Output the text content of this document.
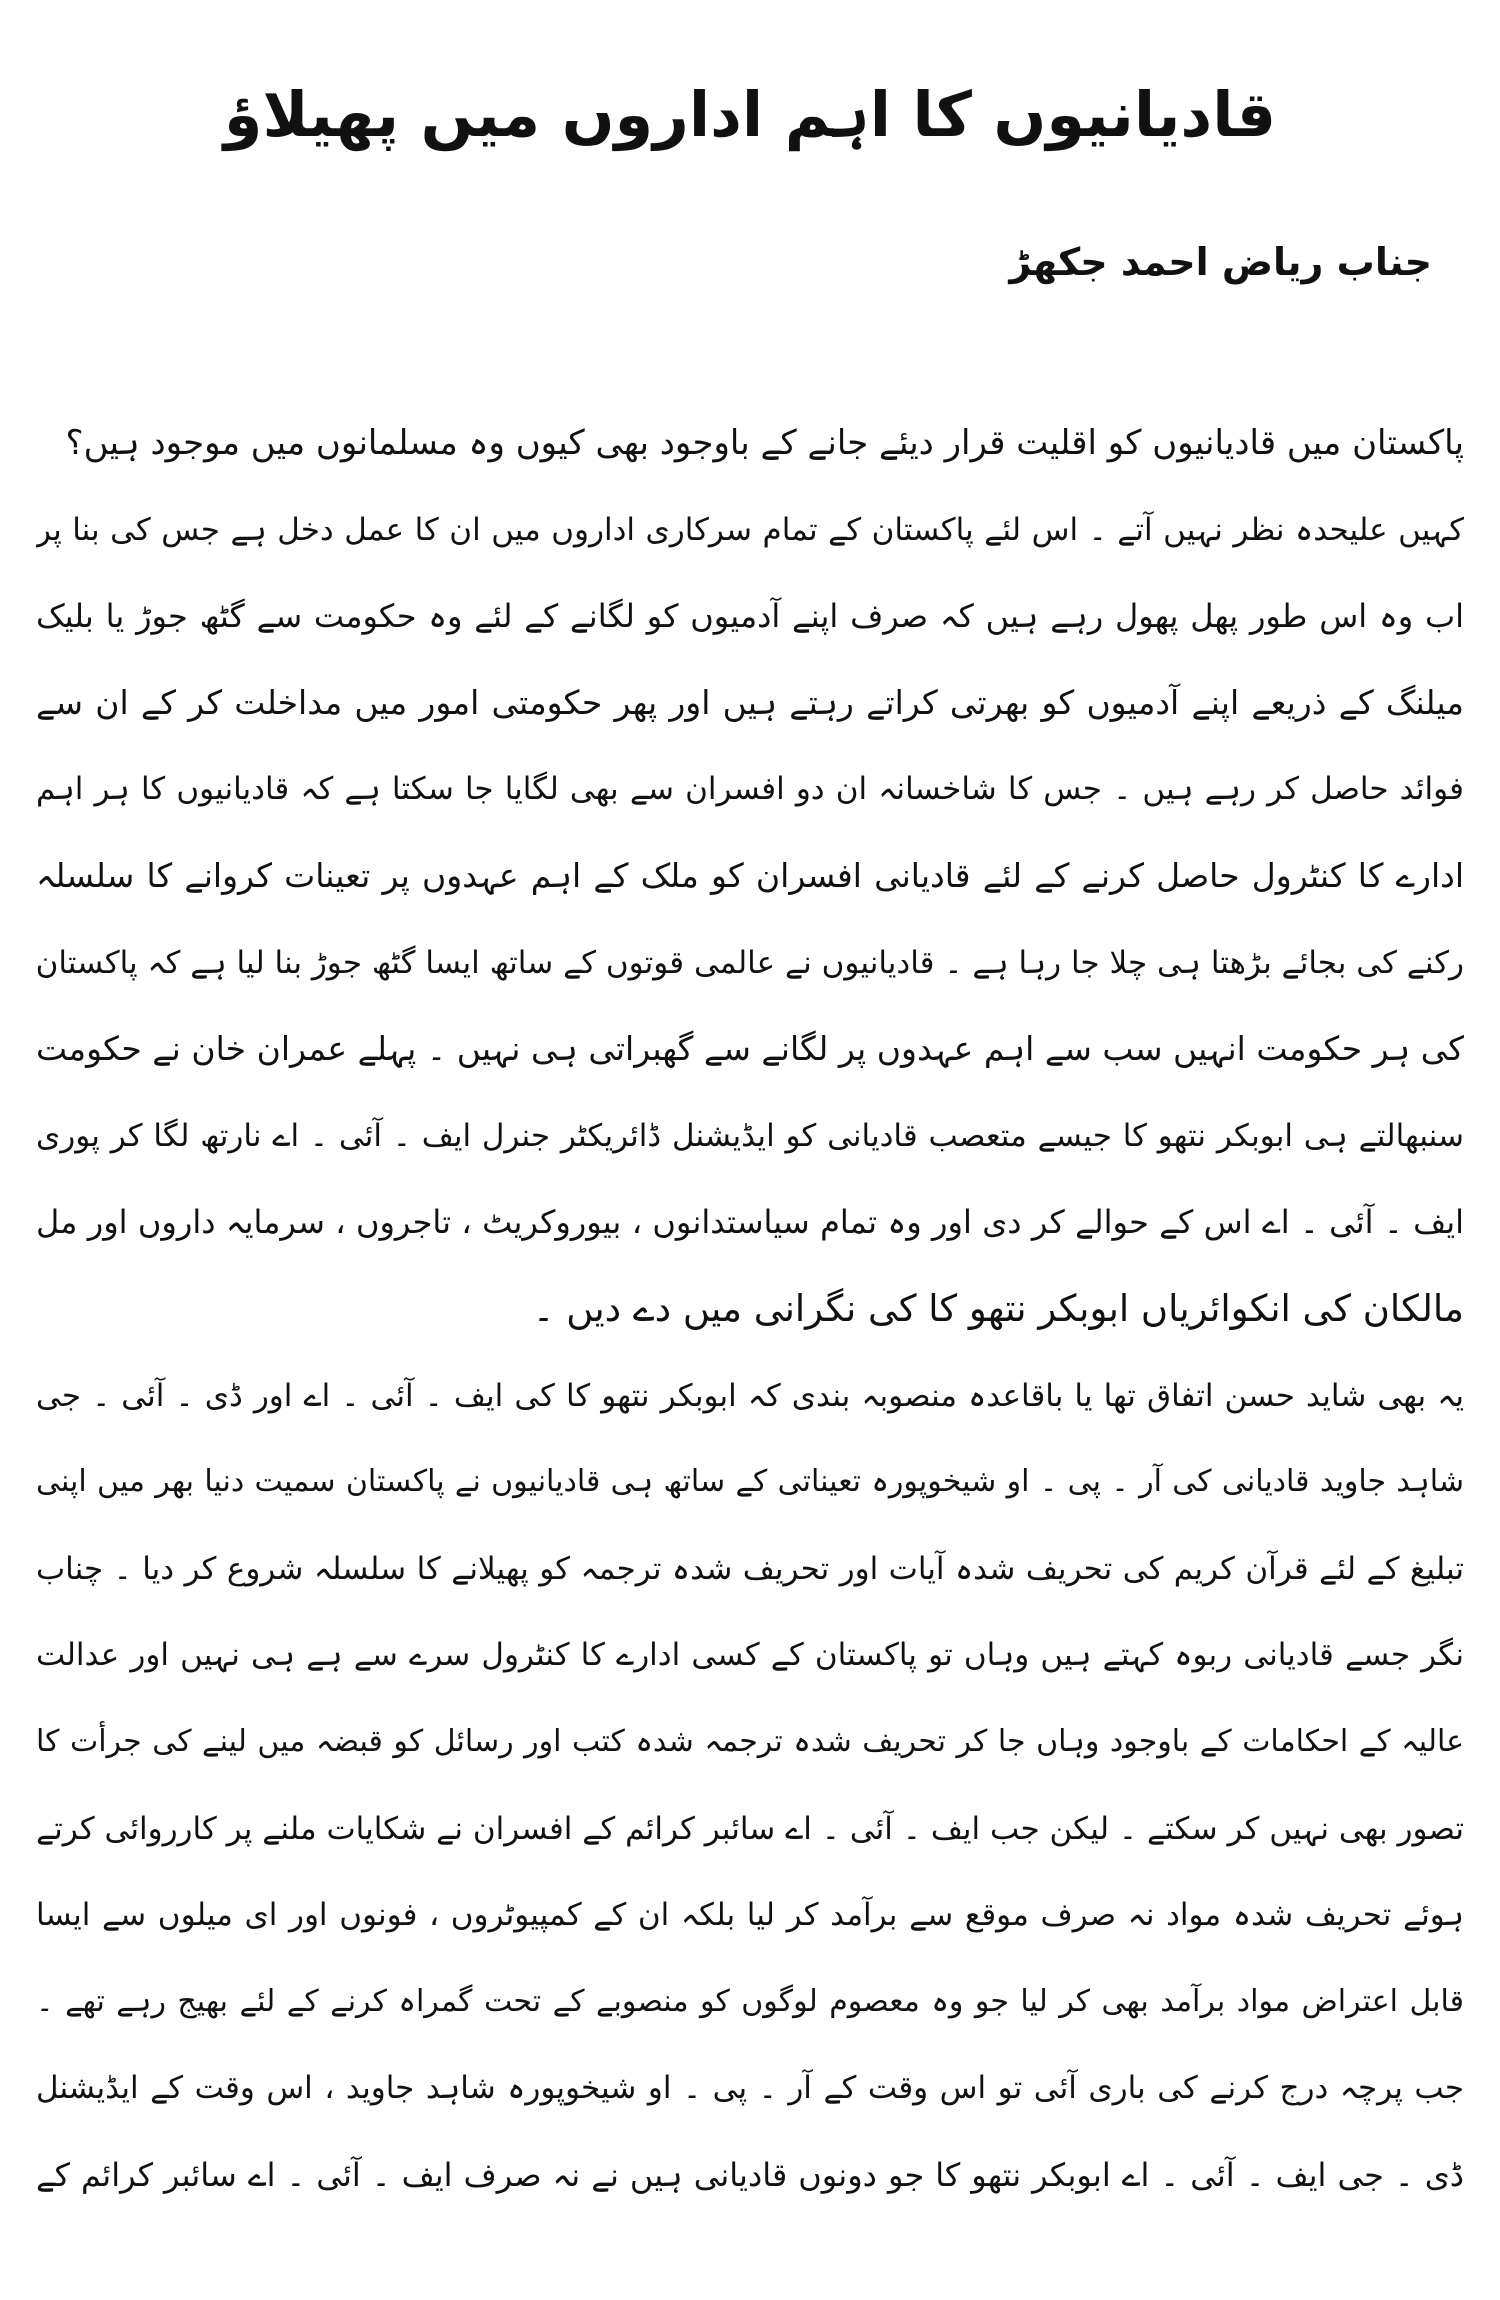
قادیانیوں کا اہم اداروں میں پھیلاؤ
جناب ریاض احمد جکھڑ
پاکستان میں قادیانیوں کو اقلیت قرار دیئے جانے کے باوجود بھی کیوں وہ مسلمانوں میں موجود ہیں؟
کہیں علیحدہ نظر نہیں آتے ۔ اس لئے پاکستان کے تمام سرکاری اداروں میں ان کا عمل دخل ہے جس کی بنا پر
اب وہ اس طور پھل پھول رہے ہیں کہ صرف اپنے آدمیوں کو لگانے کے لئے وہ حکومت سے گٹھ جوڑ یا بلیک
میلنگ کے ذریعے اپنے آدمیوں کو بھرتی کراتے رہتے ہیں اور پھر حکومتی امور میں مداخلت کر کے ان سے
فوائد حاصل کر رہے ہیں ۔ جس کا شاخسانہ ان دو افسران سے بھی لگایا جا سکتا ہے کہ قادیانیوں کا ہر اہم
ادارے کا کنٹرول حاصل کرنے کے لئے قادیانی افسران کو ملک کے اہم عہدوں پر تعینات کروانے کا سلسلہ
رکنے کی بجائے بڑھتا ہی چلا جا رہا ہے ۔ قادیانیوں نے عالمی قوتوں کے ساتھ ایسا گٹھ جوڑ بنا لیا ہے کہ پاکستان
کی ہر حکومت انہیں سب سے اہم عہدوں پر لگانے سے گھبراتی ہی نہیں ۔ پہلے عمران خان نے حکومت
سنبھالتے ہی ابوبکر نتھو کا جیسے متعصب قادیانی کو ایڈیشنل ڈائریکٹر جنرل ایف ۔ آئی ۔ اے نارتھ لگا کر پوری
ایف ۔ آئی ۔ اے اس کے حوالے کر دی اور وہ تمام سیاستدانوں ، بیوروکریٹ ، تاجروں ، سرمایہ داروں اور مل
مالکان کی انکوائریاں ابوبکر نتھو کا کی نگرانی میں دے دیں ۔
یہ بھی شاید حسن اتفاق تھا یا باقاعدہ منصوبہ بندی کہ ابوبکر نتھو کا کی ایف ۔ آئی ۔ اے اور ڈی ۔ آئی ۔ جی
شاہد جاوید قادیانی کی آر ۔ پی ۔ او شیخوپورہ تعیناتی کے ساتھ ہی قادیانیوں نے پاکستان سمیت دنیا بھر میں اپنی
تبلیغ کے لئے قرآن کریم کی تحریف شدہ آیات اور تحریف شدہ ترجمہ کو پھیلانے کا سلسلہ شروع کر دیا ۔ چناب
نگر جسے قادیانی ربوہ کہتے ہیں وہاں تو پاکستان کے کسی ادارے کا کنٹرول سرے سے ہے ہی نہیں اور عدالت
عالیہ کے احکامات کے باوجود وہاں جا کر تحریف شدہ ترجمہ شدہ کتب اور رسائل کو قبضہ میں لینے کی جرأت کا
تصور بھی نہیں کر سکتے ۔ لیکن جب ایف ۔ آئی ۔ اے سائبر کرائم کے افسران نے شکایات ملنے پر کارروائی کرتے
ہوئے تحریف شدہ مواد نہ صرف موقع سے برآمد کر لیا بلکہ ان کے کمپیوٹروں ، فونوں اور ای میلوں سے ایسا
قابل اعتراض مواد برآمد بھی کر لیا جو وہ معصوم لوگوں کو منصوبے کے تحت گمراہ کرنے کے لئے بھیج رہے تھے ۔
جب پرچہ درج کرنے کی باری آئی تو اس وقت کے آر ۔ پی ۔ او شیخوپورہ شاہد جاوید ، اس وقت کے ایڈیشنل
ڈی ۔ جی ایف ۔ آئی ۔ اے ابوبکر نتھو کا جو دونوں قادیانی ہیں نے نہ صرف ایف ۔ آئی ۔ اے سائبر کرائم کے
